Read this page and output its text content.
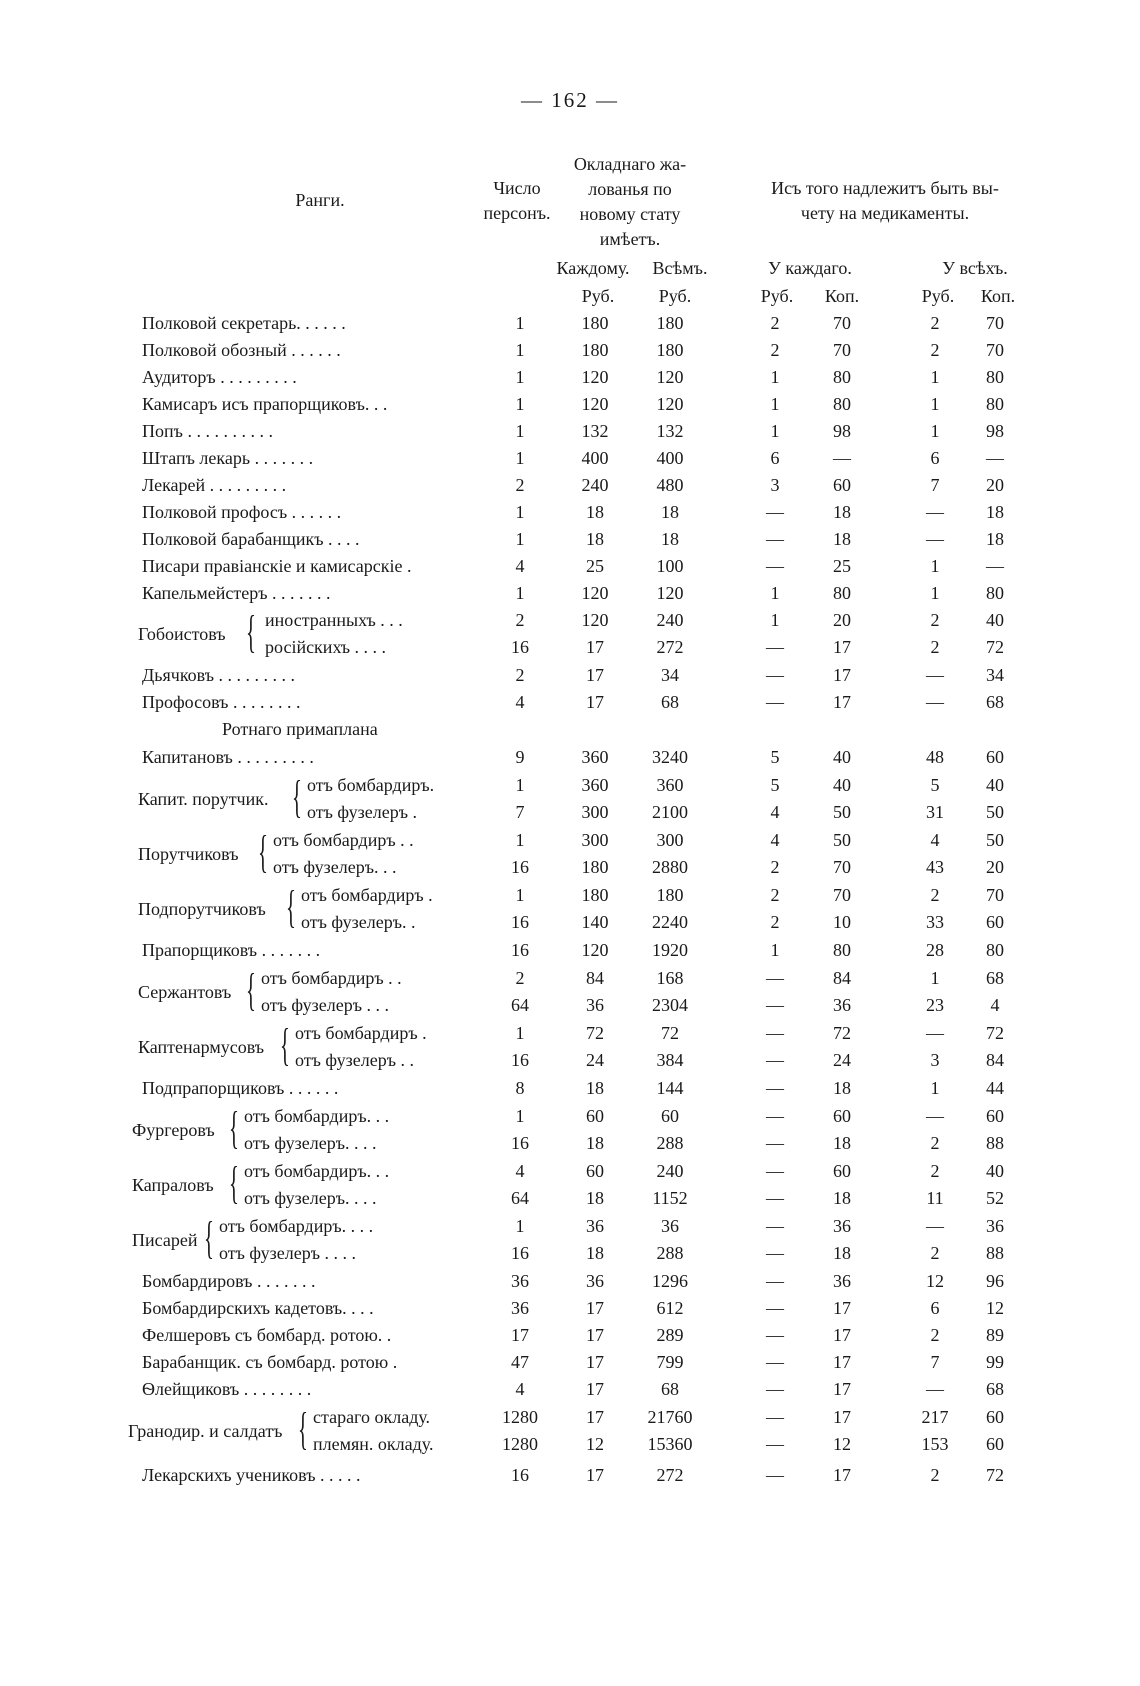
— 162 —
Ранги.
Число
персонъ.
Окладнаго жа-
лованья по
новому стату
имѣетъ.
Исъ того надлежитъ быть вы-
чету на медикаменты.
Каждому.	Всѣмъ.	У каждаго.	У всѣхъ.
Руб.	Руб.	Руб.	Коп.	Руб.	Коп.
Полковой секретарь. . . . . .	1	180	180	2	70	2	70
Полковой обозный . . . . . .	1	180	180	2	70	2	70
Аудиторъ . . . . . . . . .	1	120	120	1	80	1	80
Камисаръ исъ прапорщиковъ. . .	1	120	120	1	80	1	80
Попъ . . . . . . . . . .	1	132	132	1	98	1	98
Штапъ лекарь . . . . . . .	1	400	400	6	—	6	—
Лекарей . . . . . . . . .	2	240	480	3	60	7	20
Полковой профосъ . . . . . .	1	18	18	—	18	—	18
Полковой барабанщикъ . . . .	1	18	18	—	18	—	18
Писари правіанскіе и камисарскіе .	4	25	100	—	25	1	—
Капельмейстеръ . . . . . . .	1	120	120	1	80	1	80
Гобоистовъ { иностранныхъ . . .	2	120	240	1	20	2	40
російскихъ . . . .	16	17	272	—	17	2	72
Дьячковъ . . . . . . . . .	2	17	34	—	17	—	34
Профосовъ . . . . . . . .	4	17	68	—	17	—	68
Ротнаго примаплана
Капитановъ . . . . . . . . .	9	360	3240	5	40	48	60
Капит. порутчик. { отъ бомбардиръ.	1	360	360	5	40	5	40
отъ фузелеръ .	7	300	2100	4	50	31	50
Порутчиковъ { отъ бомбардиръ . .	1	300	300	4	50	4	50
отъ фузелеръ. . .	16	180	2880	2	70	43	20
Подпорутчиковъ { отъ бомбардиръ .	1	180	180	2	70	2	70
отъ фузелеръ. .	16	140	2240	2	10	33	60
Прапорщиковъ . . . . . . .	16	120	1920	1	80	28	80
Сержантовъ { отъ бомбардиръ . .	2	84	168	—	84	1	68
отъ фузелеръ . . .	64	36	2304	—	36	23	4
Каптенармусовъ { отъ бомбардиръ .	1	72	72	—	72	—	72
отъ фузелеръ . .	16	24	384	—	24	3	84
Подпрапорщиковъ . . . . . .	8	18	144	—	18	1	44
Фургеровъ { отъ бомбардиръ. . .	1	60	60	—	60	—	60
отъ фузелеръ. . . .	16	18	288	—	18	2	88
Капраловъ { отъ бомбардиръ. . .	4	60	240	—	60	2	40
отъ фузелеръ. . . .	64	18	1152	—	18	11	52
Писарей { отъ бомбардиръ. . . .	1	36	36	—	36	—	36
отъ фузелеръ . . . .	16	18	288	—	18	2	88
Бомбардировъ . . . . . . .	36	36	1296	—	36	12	96
Бомбардирскихъ кадетовъ. . . .	36	17	612	—	17	6	12
Фелшеровъ съ бомбард. ротою. .	17	17	289	—	17	2	89
Барабанщик. съ бомбард. ротою .	47	17	799	—	17	7	99
Ѳлейщиковъ . . . . . . . .	4	17	68	—	17	—	68
Гранодир. и салдатъ { стараго окладу.	1280	17	21760	—	17	217	60
племян. окладу.	1280	12	15360	—	12	153	60
Лекарскихъ учениковъ . . . . .	16	17	272	—	17	2	72
